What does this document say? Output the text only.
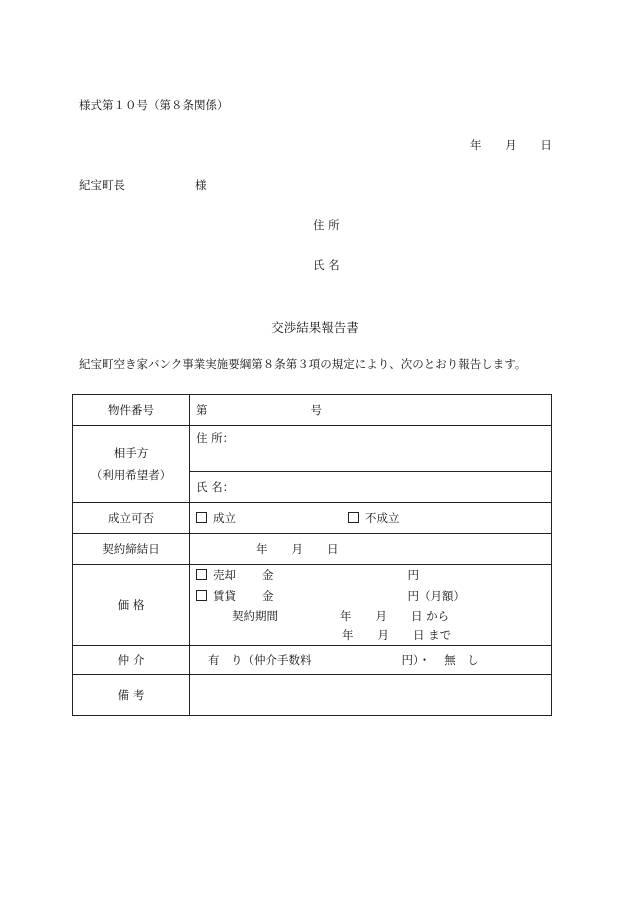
様式第１０号（第８条関係）
年 月 日
紀宝町長	様
住 所
氏 名
交渉結果報告書
紀宝町空き家バンク事業実施要綱第８条第３項の規定により、次のとおり報告します。
物件番号	第 号

相手方
（利用希望者）	住 所：
	氏 名：
成立可否	成立 不成立
契約締結日	年 月 日
価 格	売却 金 円
賃貸 金 円（月額）
契約期間 年 月 日 から
年 月 日 まで

仲 介	有　り（仲介手数料 円）・ 無　し
備 考	
